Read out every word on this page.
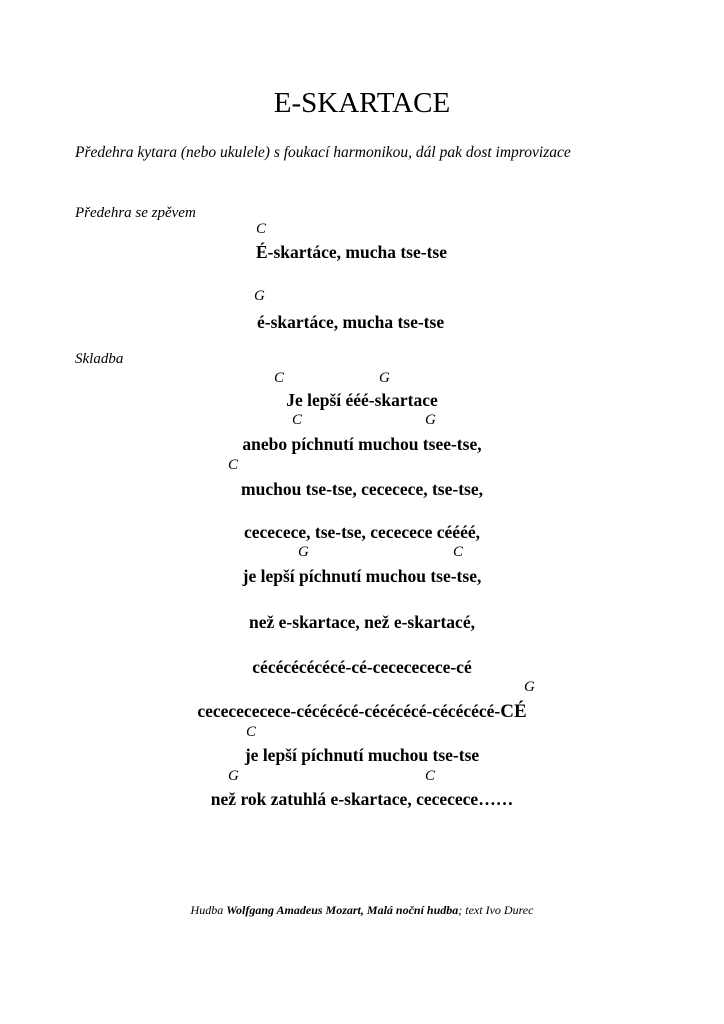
E-SKARTACE
Předehra kytara (nebo ukulele) s foukací harmonikou, dál pak dost improvizace
Předehra se zpěvem
C
É-skartáce, mucha tse-tse
G
é-skartáce, mucha tse-tse
Skladba
C	G
Je lepší ééé-skartace
C	G
anebo píchnutí muchou tsee-tse,
C
muchou tse-tse, cececece, tse-tse,
cececece, tse-tse, cececece céééé,
G	C
je lepší píchnutí muchou tse-tse,
než e-skartace, než e-skartacé,
cécécécécécé-cé-cecececece-cé
G
cececececece-cécécécé-cécécécé-cécécécé-CÉ
C
je lepší píchnutí muchou tse-tse
G	C
než rok zatuhlá e-skartace, cececece……
Hudba Wolfgang Amadeus Mozart, Malá noční hudba; text Ivo Durec
